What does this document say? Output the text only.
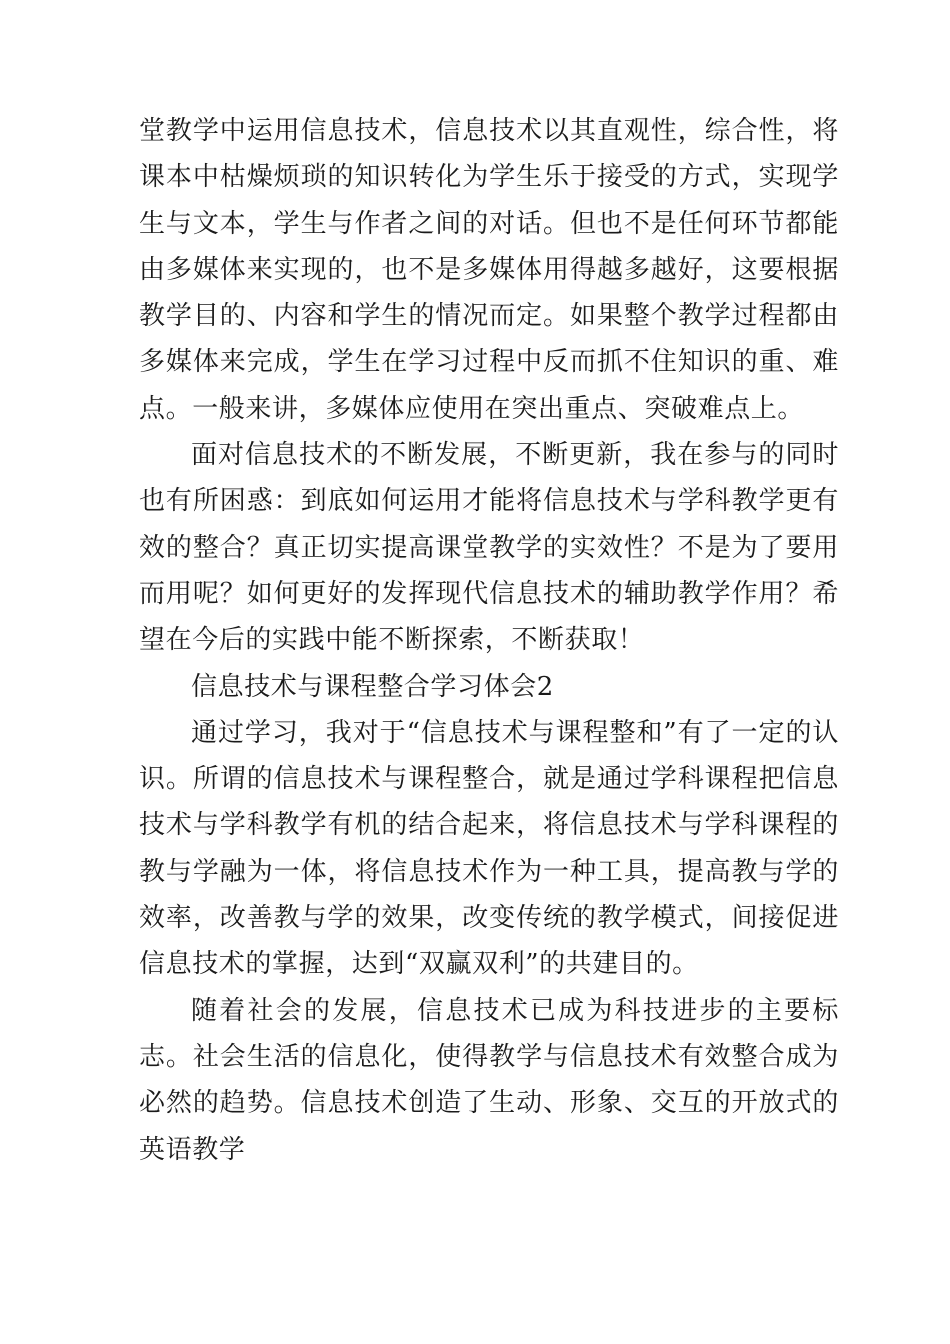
堂教学中运用信息技术，信息技术以其直观性，综合性，将课本中枯燥烦琐的知识转化为学生乐于接受的方式，实现学生与文本，学生与作者之间的对话。但也不是任何环节都能由多媒体来实现的，也不是多媒体用得越多越好，这要根据教学目的、内容和学生的情况而定。如果整个教学过程都由多媒体来完成，学生在学习过程中反而抓不住知识的重、难点。一般来讲，多媒体应使用在突出重点、突破难点上。

面对信息技术的不断发展，不断更新，我在参与的同时也有所困惑：到底如何运用才能将信息技术与学科教学更有效的整合？真正切实提高课堂教学的实效性？不是为了要用而用呢？如何更好的发挥现代信息技术的辅助教学作用？希望在今后的实践中能不断探索，不断获取！

信息技术与课程整合学习体会2

通过学习，我对于“信息技术与课程整和”有了一定的认识。所谓的信息技术与课程整合，就是通过学科课程把信息技术与学科教学有机的结合起来，将信息技术与学科课程的教与学融为一体，将信息技术作为一种工具，提高教与学的效率，改善教与学的效果，改变传统的教学模式，间接促进信息技术的掌握，达到“双赢双利”的共建目的。

随着社会的发展，信息技术已成为科技进步的主要标志。社会生活的信息化，使得教学与信息技术有效整合成为必然的趋势。信息技术创造了生动、形象、交互的开放式的英语教学
